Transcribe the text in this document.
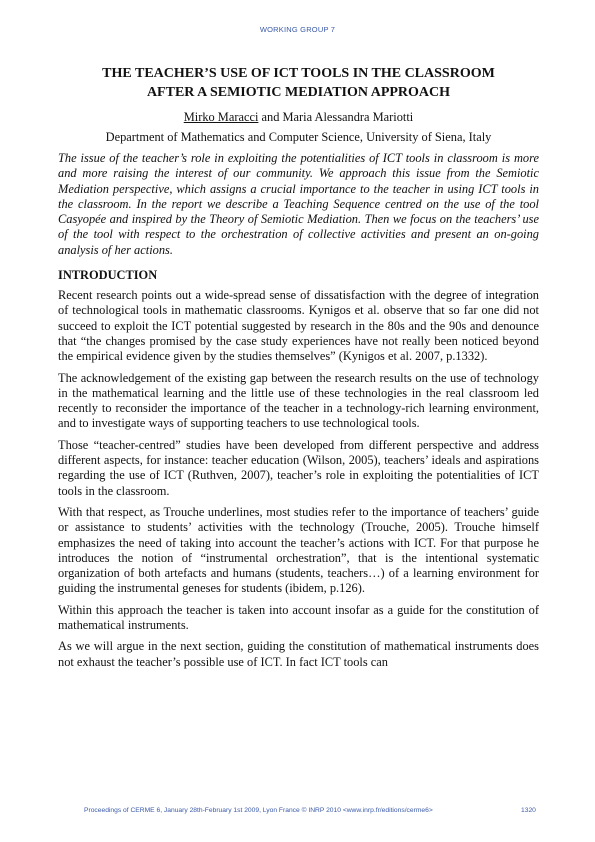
WORKING GROUP 7
THE TEACHER’S USE OF ICT TOOLS IN THE CLASSROOM
AFTER A SEMIOTIC MEDIATION APPROACH
Mirko Maracci and Maria Alessandra Mariotti
Department of Mathematics and Computer Science, University of Siena, Italy
The issue of the teacher’s role in exploiting the potentialities of ICT tools in classroom is more and more raising the interest of our community. We approach this issue from the Semiotic Mediation perspective, which assigns a crucial importance to the teacher in using ICT tools in the classroom. In the report we describe a Teaching Sequence centred on the use of the tool Casyopée and inspired by the Theory of Semiotic Mediation. Then we focus on the teachers’ use of the tool with respect to the orchestration of collective activities and present an on-going analysis of her actions.
INTRODUCTION
Recent research points out a wide-spread sense of dissatisfaction with the degree of integration of technological tools in mathematic classrooms. Kynigos et al. observe that so far one did not succeed to exploit the ICT potential suggested by research in the 80s and the 90s and denounce that “the changes promised by the case study experiences have not really been noticed beyond the empirical evidence given by the studies themselves” (Kynigos et al. 2007, p.1332).
The acknowledgement of the existing gap between the research results on the use of technology in the mathematical learning and the little use of these technologies in the real classroom led recently to reconsider the importance of the teacher in a technology-rich learning environment, and to investigate ways of supporting teachers to use technological tools.
Those “teacher-centred” studies have been developed from different perspective and address different aspects, for instance: teacher education (Wilson, 2005), teachers’ ideals and aspirations regarding the use of ICT (Ruthven, 2007), teacher’s role in exploiting the potentialities of ICT tools in the classroom.
With that respect, as Trouche underlines, most studies refer to the importance of teachers’ guide or assistance to students’ activities with the technology (Trouche, 2005). Trouche himself emphasizes the need of taking into account the teacher’s actions with ICT. For that purpose he introduces the notion of “instrumental orchestration”, that is the intentional systematic organization of both artefacts and humans (students, teachers…) of a learning environment for guiding the instrumental geneses for students (ibidem, p.126).
Within this approach the teacher is taken into account insofar as a guide for the constitution of mathematical instruments.
As we will argue in the next section, guiding the constitution of mathematical instruments does not exhaust the teacher’s possible use of ICT. In fact ICT tools can
Proceedings of CERME 6, January 28th-February 1st 2009, Lyon France © INRP 2010 <www.inrp.fr/editions/cerme6>	1320
